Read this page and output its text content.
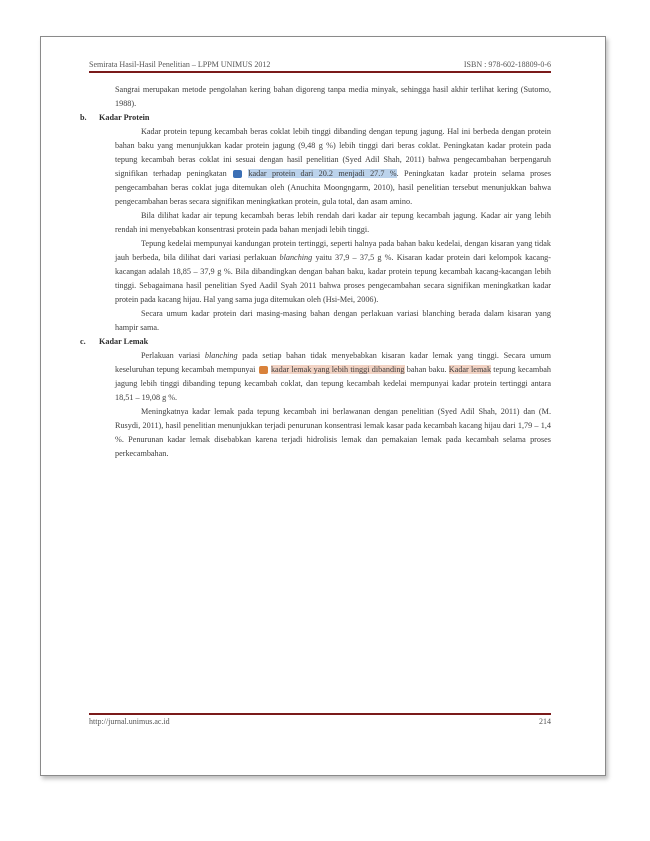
Semirata Hasil-Hasil Penelitian – LPPM UNIMUS 2012	ISBN : 978-602-18809-0-6

Sangrai merupakan metode pengolahan kering bahan digoreng tanpa media minyak, sehingga hasil akhir terlihat kering (Sutomo, 1988).

b. Kadar Protein

Kadar protein tepung kecambah beras coklat lebih tinggi dibanding dengan tepung jagung. Hal ini berbeda dengan protein bahan baku yang menunjukkan kadar protein jagung (9,48 g %) lebih tinggi dari beras coklat. Peningkatan kadar protein pada tepung kecambah beras coklat ini sesuai dengan hasil penelitian (Syed Adil Shah, 2011) bahwa pengecambahan berpengaruh signifikan terhadap peningkatan	kadar protein dari 20.2 menjadi 27.7 %. Peningkatan kadar protein selama proses pengecambahan beras coklat juga ditemukan oleh (Anuchita Moongngarm, 2010), hasil penelitian tersebut menunjukkan bahwa pengecambahan beras secara signifikan meningkatkan protein, gula total, dan asam amino.

Bila dilihat kadar air tepung kecambah beras lebih rendah dari kadar air tepung kecambah jagung. Kadar air yang lebih rendah ini menyebabkan konsentrasi protein pada bahan menjadi lebih tinggi.

Tepung kedelai mempunyai kandungan protein tertinggi, seperti halnya pada bahan baku kedelai, dengan kisaran yang tidak jauh berbeda, bila dilihat dari variasi perlakuan blanching yaitu 37,9 – 37,5 g %. Kisaran kadar protein dari kelompok kacang-kacangan adalah 18,85 – 37,9 g %. Bila dibandingkan dengan bahan baku, kadar protein tepung kecambah kacang-kacangan lebih tinggi. Sebagaimana hasil penelitian Syed Aadil Syah 2011 bahwa proses pengecambahan secara signifikan meningkatkan kadar protein pada kacang hijau. Hal yang sama juga ditemukan oleh (Hsi-Mei, 2006).

Secara umum kadar protein dari masing-masing bahan dengan perlakuan variasi blanching berada dalam kisaran yang hampir sama.

c. Kadar Lemak

Perlakuan variasi blanching pada setiap bahan tidak menyebabkan kisaran kadar lemak yang tinggi. Secara umum keseluruhan tepung kecambah mempunyai kadar lemak yang lebih tinggi dibanding bahan baku. Kadar lemak tepung kecambah jagung lebih tinggi dibanding tepung kecambah coklat, dan tepung kecambah kedelai mempunyai kadar protein tertinggi antara 18,51 – 19,08 g %.

Meningkatnya kadar lemak pada tepung kecambah ini berlawanan dengan penelitian (Syed Adil Shah, 2011) dan (M. Rusydi, 2011), hasil penelitian menunjukkan terjadi penurunan konsentrasi lemak kasar pada kecambah kacang hijau dari 1,79 – 1,4 %. Penurunan kadar lemak disebabkan karena terjadi hidrolisis lemak dan pemakaian lemak pada kecambah selama proses perkecambahan.

http://jurnal.unimus.ac.id	214
